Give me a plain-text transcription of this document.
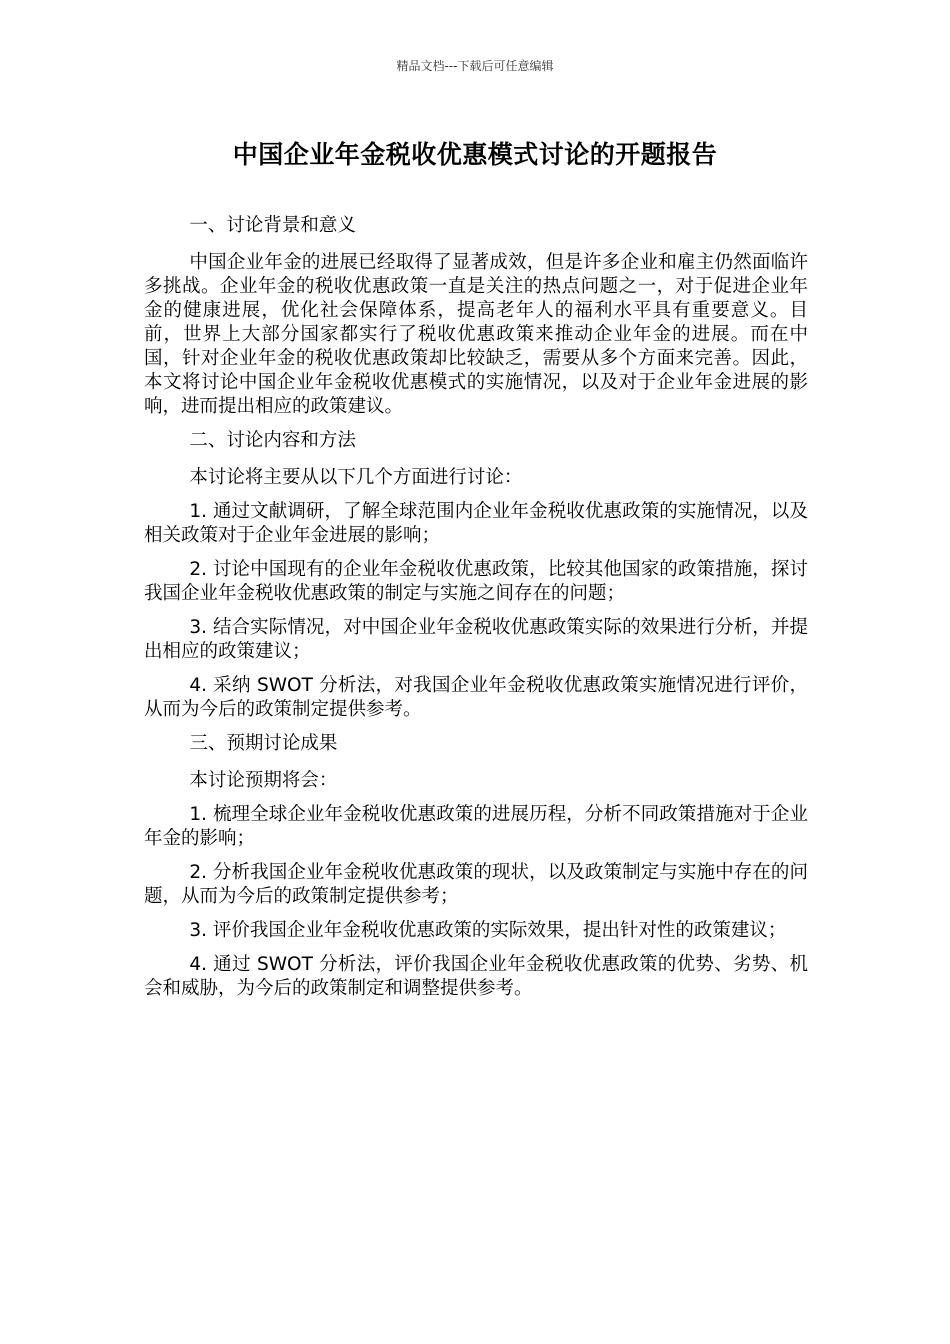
精品文档---下载后可任意编辑
中国企业年金税收优惠模式讨论的开题报告

一、讨论背景和意义

中国企业年金的进展已经取得了显著成效，但是许多企业和雇主仍然面临许多挑战。企业年金的税收优惠政策一直是关注的热点问题之一，对于促进企业年金的健康进展，优化社会保障体系，提高老年人的福利水平具有重要意义。目前，世界上大部分国家都实行了税收优惠政策来推动企业年金的进展。而在中国，针对企业年金的税收优惠政策却比较缺乏，需要从多个方面来完善。因此，本文将讨论中国企业年金税收优惠模式的实施情况，以及对于企业年金进展的影响，进而提出相应的政策建议。

二、讨论内容和方法

本讨论将主要从以下几个方面进行讨论：

1. 通过文献调研，了解全球范围内企业年金税收优惠政策的实施情况，以及相关政策对于企业年金进展的影响；

2. 讨论中国现有的企业年金税收优惠政策，比较其他国家的政策措施，探讨我国企业年金税收优惠政策的制定与实施之间存在的问题；

3. 结合实际情况，对中国企业年金税收优惠政策实际的效果进行分析，并提出相应的政策建议；

4. 采纳 SWOT 分析法，对我国企业年金税收优惠政策实施情况进行评价，从而为今后的政策制定提供参考。

三、预期讨论成果

本讨论预期将会：

1. 梳理全球企业年金税收优惠政策的进展历程，分析不同政策措施对于企业年金的影响；

2. 分析我国企业年金税收优惠政策的现状，以及政策制定与实施中存在的问题，从而为今后的政策制定提供参考；

3. 评价我国企业年金税收优惠政策的实际效果，提出针对性的政策建议；

4. 通过 SWOT 分析法，评价我国企业年金税收优惠政策的优势、劣势、机会和威胁，为今后的政策制定和调整提供参考。
